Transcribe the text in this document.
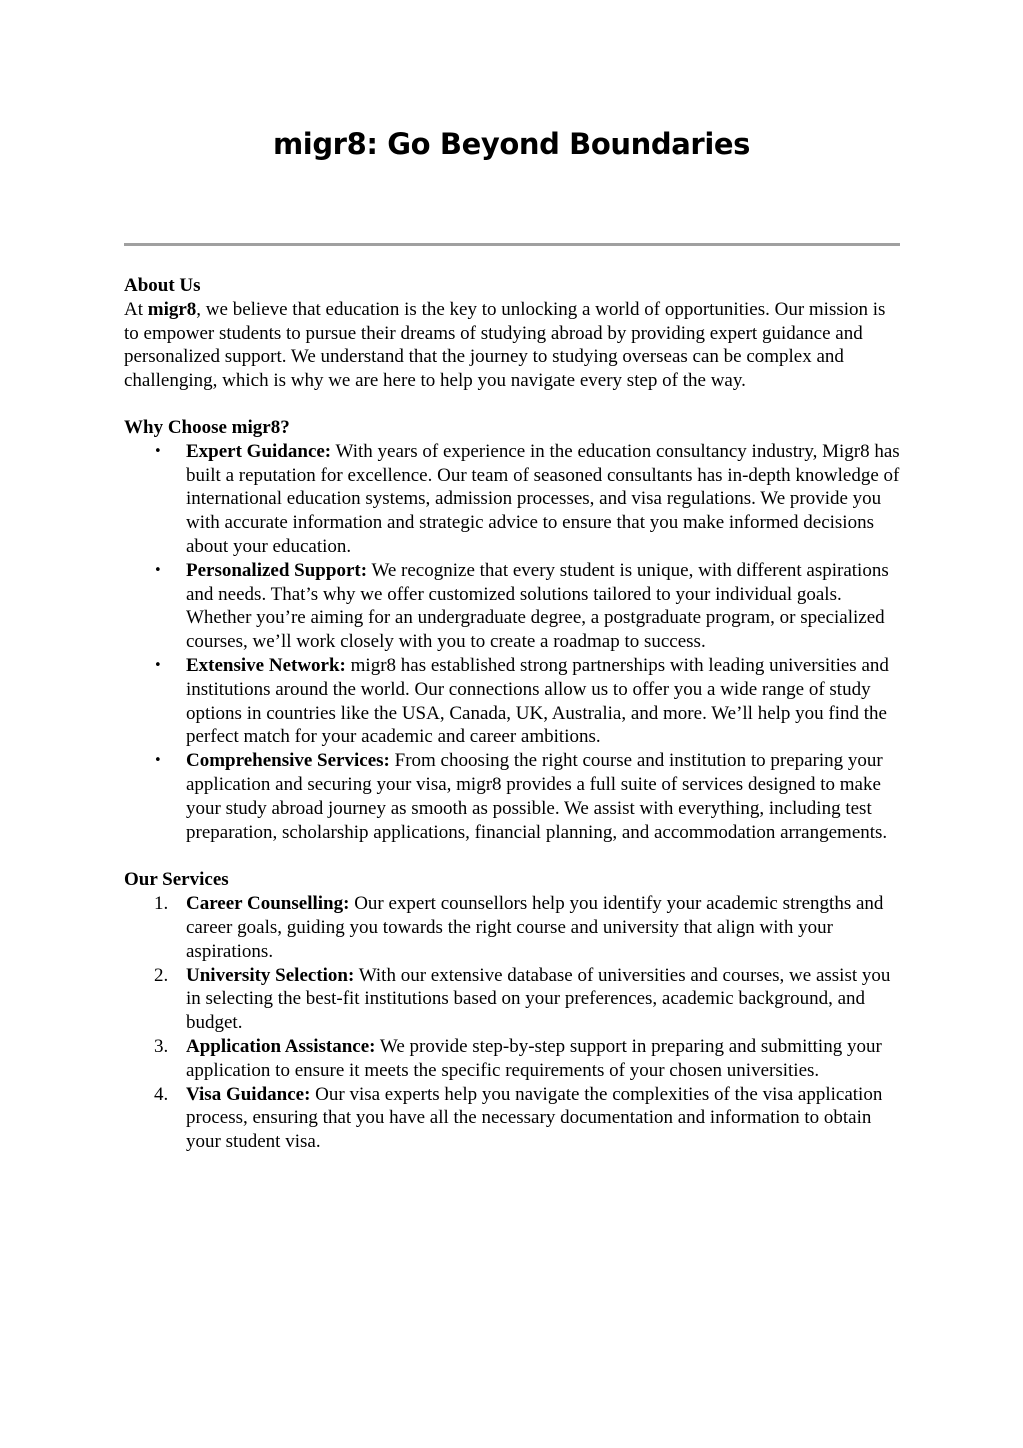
migr8: Go Beyond Boundaries
About Us

At migr8, we believe that education is the key to unlocking a world of opportunities. Our mission is to empower students to pursue their dreams of studying abroad by providing expert guidance and personalized support. We understand that the journey to studying overseas can be complex and challenging, which is why we are here to help you navigate every step of the way.

Why Choose migr8?
• Expert Guidance: With years of experience in the education consultancy industry, Migr8 has built a reputation for excellence. Our team of seasoned consultants has in-depth knowledge of international education systems, admission processes, and visa regulations. We provide you with accurate information and strategic advice to ensure that you make informed decisions about your education.
• Personalized Support: We recognize that every student is unique, with different aspirations and needs. That’s why we offer customized solutions tailored to your individual goals. Whether you’re aiming for an undergraduate degree, a postgraduate program, or specialized courses, we’ll work closely with you to create a roadmap to success.
• Extensive Network: migr8 has established strong partnerships with leading universities and institutions around the world. Our connections allow us to offer you a wide range of study options in countries like the USA, Canada, UK, Australia, and more. We’ll help you find the perfect match for your academic and career ambitions.
• Comprehensive Services: From choosing the right course and institution to preparing your application and securing your visa, migr8 provides a full suite of services designed to make your study abroad journey as smooth as possible. We assist with everything, including test preparation, scholarship applications, financial planning, and accommodation arrangements.
Our Services
1. Career Counselling: Our expert counsellors help you identify your academic strengths and career goals, guiding you towards the right course and university that align with your aspirations.
2. University Selection: With our extensive database of universities and courses, we assist you in selecting the best-fit institutions based on your preferences, academic background, and budget.
3. Application Assistance: We provide step-by-step support in preparing and submitting your application to ensure it meets the specific requirements of your chosen universities.
4. Visa Guidance: Our visa experts help you navigate the complexities of the visa application process, ensuring that you have all the necessary documentation and information to obtain your student visa.
